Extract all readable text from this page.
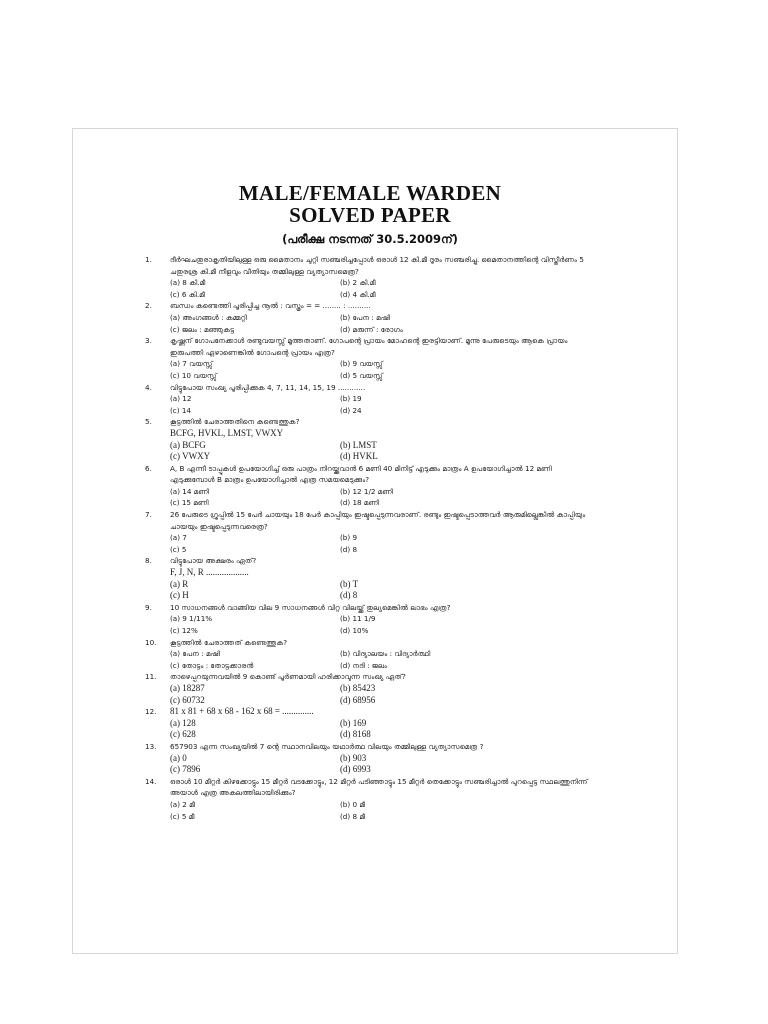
MALE/FEMALE WARDEN
SOLVED PAPER
(പരീക്ഷ നടന്നത് 30.5.2009ന്)
1.	ദീർഘചതുരാകൃതിയിലുള്ള ഒരു മൈതാനം ചുറ്റി സഞ്ചരിച്ചപ്പോൾ ഒരാൾ 12 കി.മീ ദൂരം സഞ്ചരിച്ചു. മൈതാനത്തിന്റെ വിസ്തീർണം 5 ചതുരശ്ര കി.മീ നീളവും വീതിയും തമ്മിലുള്ള വ്യത്യാസമെത്ര?
(a) 8 കി.മീ	(b) 2 കി.മീ
(c) 6 കി.മീ	(d) 4 കി.മീ
2.	ബന്ധം കണ്ടെത്തി പൂരിപ്പിച്ച നൂൽ : വസ്ത്രം = = ........ : ..........
(a) അംഗങ്ങൾ : കമ്മറ്റി	(b) പേന : മഷി
(c) ജലം : മഞ്ഞുകട്ട	(d) മരുന്ന് : രോഗം
3.	കൃഷ്ണന് ഗോപനേക്കാൾ രണ്ടുവയസ്സ് മൂത്തതാണ്. ഗോപന്റെ പ്രായം മോഹന്റെ ഇരട്ടിയാണ്. മൂന്നു പേരുടെയും ആകെ പ്രായം ഇരുപത്തി ഏഴാണെങ്കിൽ ഗോപന്റെ പ്രായം എത്ര?
(a) 7 വയസ്സ്	(b) 9 വയസ്സ്
(c) 10 വയസ്സ്	(d) 5 വയസ്സ്
4.	വിട്ടുപോയ സംഖ്യ പൂരിപ്പിക്കുക 4, 7, 11, 14, 15, 19 ............
(a) 12	(b) 19
(c) 14	(d) 24
5.	കൂട്ടത്തിൽ ചേരാത്തതിനെ കണ്ടെത്തുക?
BCFG, HVKL, LMST, VWXY
(a) BCFG	(b) LMST
(c) VWXY	(d) HVKL
6.	A, B എന്നീ ടാപ്പുകൾ ഉപയോഗിച്ച് ഒരു പാത്രം നിറയ്ക്കുവാൻ 6 മണി 40 മിനിട്ട് എടുക്കും മാത്രം A ഉപയോഗിച്ചാൽ 12 മണി എടുക്കുമ്പോൾ B മാത്രം ഉപയോഗിച്ചാൽ എത്ര സമയമെടുക്കും?
(a) 14 മണി	(b) 12 1/2 മണി
(c) 15 മണി	(d) 18 മണി
7.	26 പേരുടെ ഗ്രൂപ്പിൽ 15 പേർ ചായയും 18 പേർ കാപ്പിയും ഇഷ്ടപ്പെടുന്നവരാണ്. രണ്ടും ഇഷ്ടപ്പെടാത്തവർ ആരുമില്ലെങ്കിൽ കാപ്പിയും ചായയും ഇഷ്ടപ്പെടുന്നവരെത്ര?
(a) 7	(b) 9
(c) 5	(d) 8
8.	വിട്ടുപോയ അക്ഷരം ഏത്?
F, J, N, R ...................
(a) R	(b) T
(c) H	(d) 8
9.	10 സാധനങ്ങൾ വാങ്ങിയ വില 9 സാധനങ്ങൾ വിറ്റ വിലയ്ക്ക് തുല്യമെങ്കിൽ ലാഭം എത്ര?
(a) 9 1/11%	(b) 11 1/9
(c) 12%	(d) 10%
10.	കൂട്ടത്തിൽ ചേരാത്തത് കണ്ടെത്തുക?
(a) പേന : മഷി	(b) വിദ്യാലയം : വിദ്യാർത്ഥി
(c) തോട്ടം : തോട്ടക്കാരൻ	(d) നദി : ജലം
11.	താഴെപ്പറയുന്നവയിൽ 9 കൊണ്ട് പൂർണമായി ഹരിക്കാവുന്ന സംഖ്യ ഏത്?
(a) 18287	(b) 85423
(c) 60732	(d) 68956
12.	81 x 81 + 68 x 68 - 162 x 68 = ..............
(a) 128	(b) 169
(c) 628	(d) 8168
13.	657903 എന്ന സംഖ്യയിൽ 7 ന്റെ സ്ഥാനവിലയും യഥാർത്ഥ വിലയും തമ്മിലുള്ള വ്യത്യാസമെത്ര ?
(a) 0	(b) 903
(c) 7896	(d) 6993
14.	ഒരാൾ 10 മീറ്റർ കിഴക്കോട്ടും 15 മീറ്റർ വടക്കോട്ടും, 12 മീറ്റർ പടിഞ്ഞാട്ടും 15 മീറ്റർ തെക്കോട്ടും സഞ്ചരിച്ചാൽ പുറപ്പെട്ട സ്ഥലത്തുനിന്ന് അയാൾ എത്ര അകലത്തിലായിരിക്കും?
(a) 2 മീ	(b) 0 മീ
(c) 5 മീ	(d) 8 മീ
